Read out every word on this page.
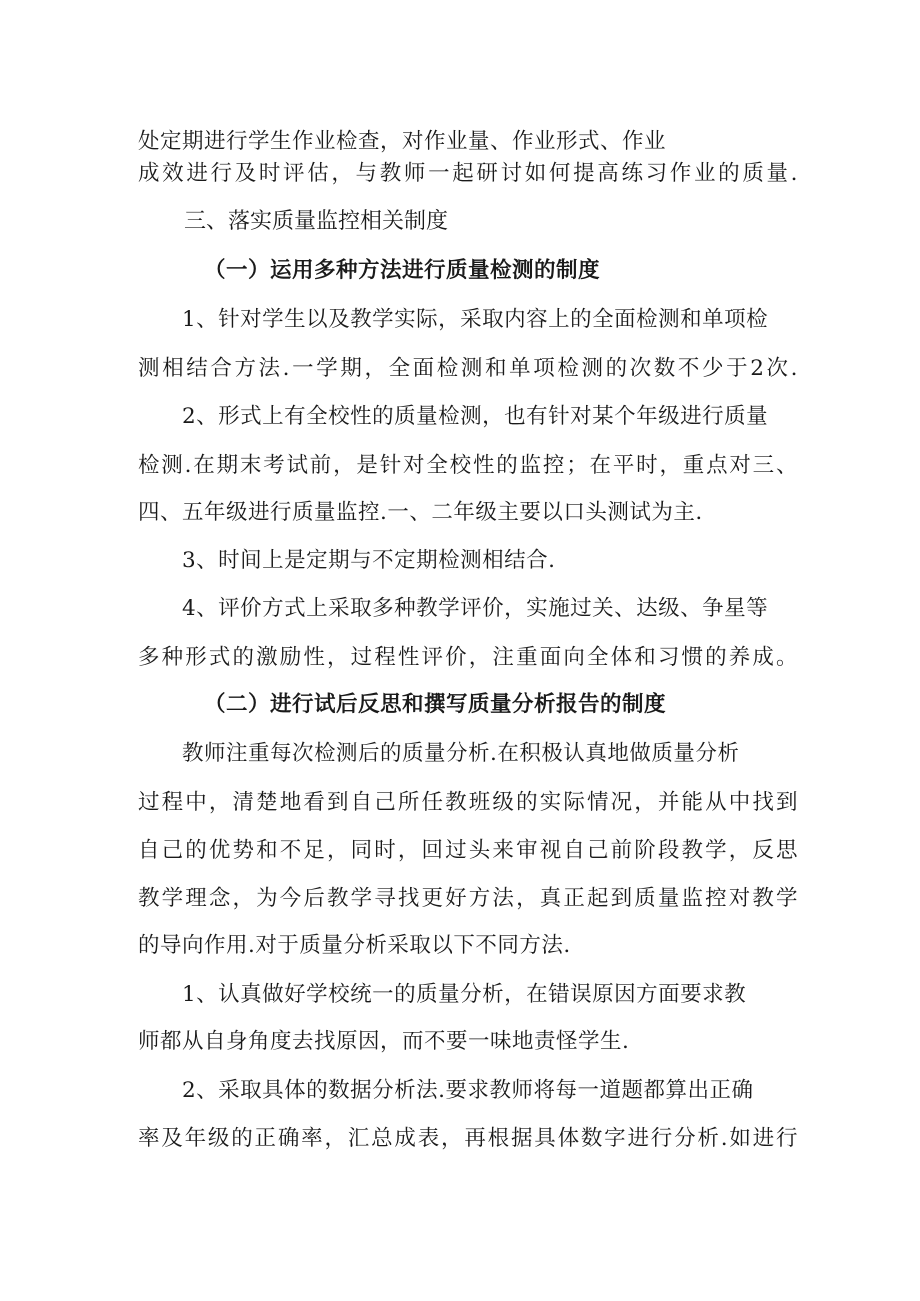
处定期进行学生作业检查，对作业量、作业形式、作业
成效进行及时评估，与教师一起研讨如何提高练习作业的质量.
三、落实质量监控相关制度
（一）运用多种方法进行质量检测的制度
1、针对学生以及教学实际，采取内容上的全面检测和单项检
测相结合方法.一学期，全面检测和单项检测的次数不少于2次.
2、形式上有全校性的质量检测，也有针对某个年级进行质量
检测.在期末考试前，是针对全校性的监控；在平时，重点对三、
四、五年级进行质量监控.一、二年级主要以口头测试为主.
3、时间上是定期与不定期检测相结合.
4、评价方式上采取多种教学评价，实施过关、达级、争星等
多种形式的激励性，过程性评价，注重面向全体和习惯的养成。
（二）进行试后反思和撰写质量分析报告的制度
教师注重每次检测后的质量分析.在积极认真地做质量分析
过程中，清楚地看到自己所任教班级的实际情况，并能从中找到
自己的优势和不足，同时，回过头来审视自己前阶段教学，反思
教学理念，为今后教学寻找更好方法，真正起到质量监控对教学
的导向作用.对于质量分析采取以下不同方法.
1、认真做好学校统一的质量分析，在错误原因方面要求教
师都从自身角度去找原因，而不要一味地责怪学生.
2、采取具体的数据分析法.要求教师将每一道题都算出正确
率及年级的正确率，汇总成表，再根据具体数字进行分析.如进行
